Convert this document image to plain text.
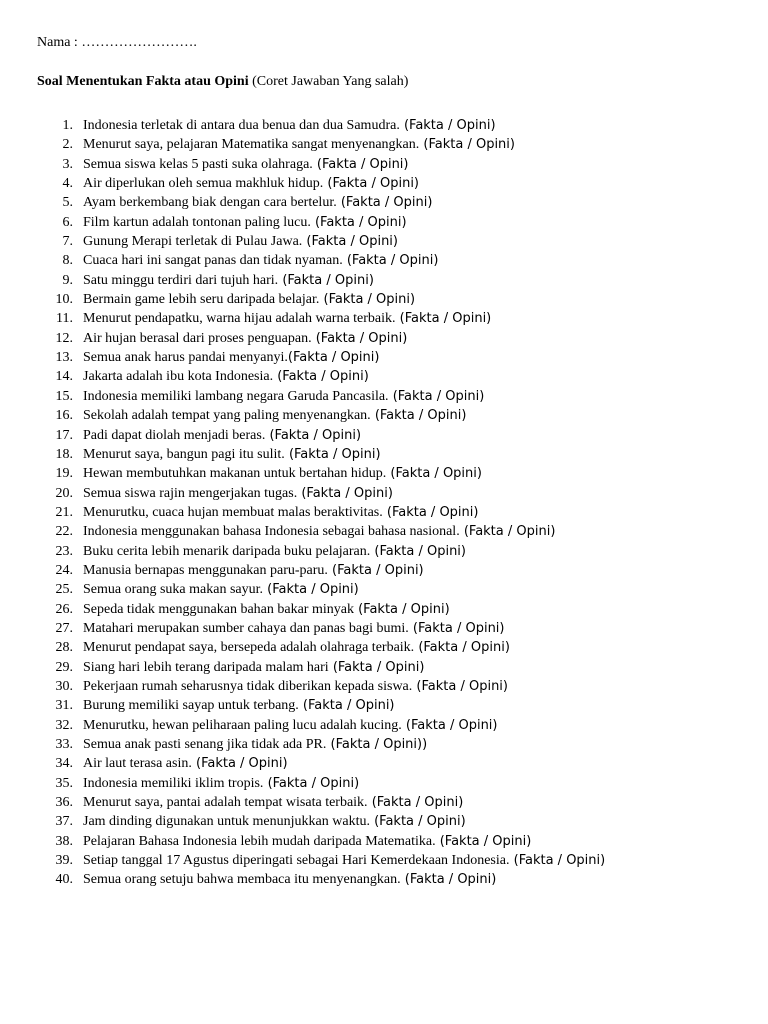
Nama : …………………….
Soal Menentukan Fakta atau Opini (Coret Jawaban Yang salah)
1. Indonesia terletak di antara dua benua dan dua Samudra. (Fakta / Opini)
2. Menurut saya, pelajaran Matematika sangat menyenangkan. (Fakta / Opini)
3. Semua siswa kelas 5 pasti suka olahraga. (Fakta / Opini)
4. Air diperlukan oleh semua makhluk hidup. (Fakta / Opini)
5. Ayam berkembang biak dengan cara bertelur. (Fakta / Opini)
6. Film kartun adalah tontonan paling lucu. (Fakta / Opini)
7. Gunung Merapi terletak di Pulau Jawa. (Fakta / Opini)
8. Cuaca hari ini sangat panas dan tidak nyaman. (Fakta / Opini)
9. Satu minggu terdiri dari tujuh hari. (Fakta / Opini)
10. Bermain game lebih seru daripada belajar. (Fakta / Opini)
11. Menurut pendapatku, warna hijau adalah warna terbaik. (Fakta / Opini)
12. Air hujan berasal dari proses penguapan. (Fakta / Opini)
13. Semua anak harus pandai menyanyi.(Fakta / Opini)
14. Jakarta adalah ibu kota Indonesia. (Fakta / Opini)
15. Indonesia memiliki lambang negara Garuda Pancasila. (Fakta / Opini)
16. Sekolah adalah tempat yang paling menyenangkan. (Fakta / Opini)
17. Padi dapat diolah menjadi beras. (Fakta / Opini)
18. Menurut saya, bangun pagi itu sulit. (Fakta / Opini)
19. Hewan membutuhkan makanan untuk bertahan hidup. (Fakta / Opini)
20. Semua siswa rajin mengerjakan tugas. (Fakta / Opini)
21. Menurutku, cuaca hujan membuat malas beraktivitas. (Fakta / Opini)
22. Indonesia menggunakan bahasa Indonesia sebagai bahasa nasional. (Fakta / Opini)
23. Buku cerita lebih menarik daripada buku pelajaran. (Fakta / Opini)
24. Manusia bernapas menggunakan paru-paru. (Fakta / Opini)
25. Semua orang suka makan sayur. (Fakta / Opini)
26. Sepeda tidak menggunakan bahan bakar minyak (Fakta / Opini)
27. Matahari merupakan sumber cahaya dan panas bagi bumi. (Fakta / Opini)
28. Menurut pendapat saya, bersepeda adalah olahraga terbaik. (Fakta / Opini)
29. Siang hari lebih terang daripada malam hari (Fakta / Opini)
30. Pekerjaan rumah seharusnya tidak diberikan kepada siswa. (Fakta / Opini)
31. Burung memiliki sayap untuk terbang. (Fakta / Opini)
32. Menurutku, hewan peliharaan paling lucu adalah kucing. (Fakta / Opini)
33. Semua anak pasti senang jika tidak ada PR. (Fakta / Opini))
34. Air laut terasa asin. (Fakta / Opini)
35. Indonesia memiliki iklim tropis. (Fakta / Opini)
36. Menurut saya, pantai adalah tempat wisata terbaik. (Fakta / Opini)
37. Jam dinding digunakan untuk menunjukkan waktu. (Fakta / Opini)
38. Pelajaran Bahasa Indonesia lebih mudah daripada Matematika. (Fakta / Opini)
39. Setiap tanggal 17 Agustus diperingati sebagai Hari Kemerdekaan Indonesia. (Fakta / Opini)
40. Semua orang setuju bahwa membaca itu menyenangkan. (Fakta / Opini)
